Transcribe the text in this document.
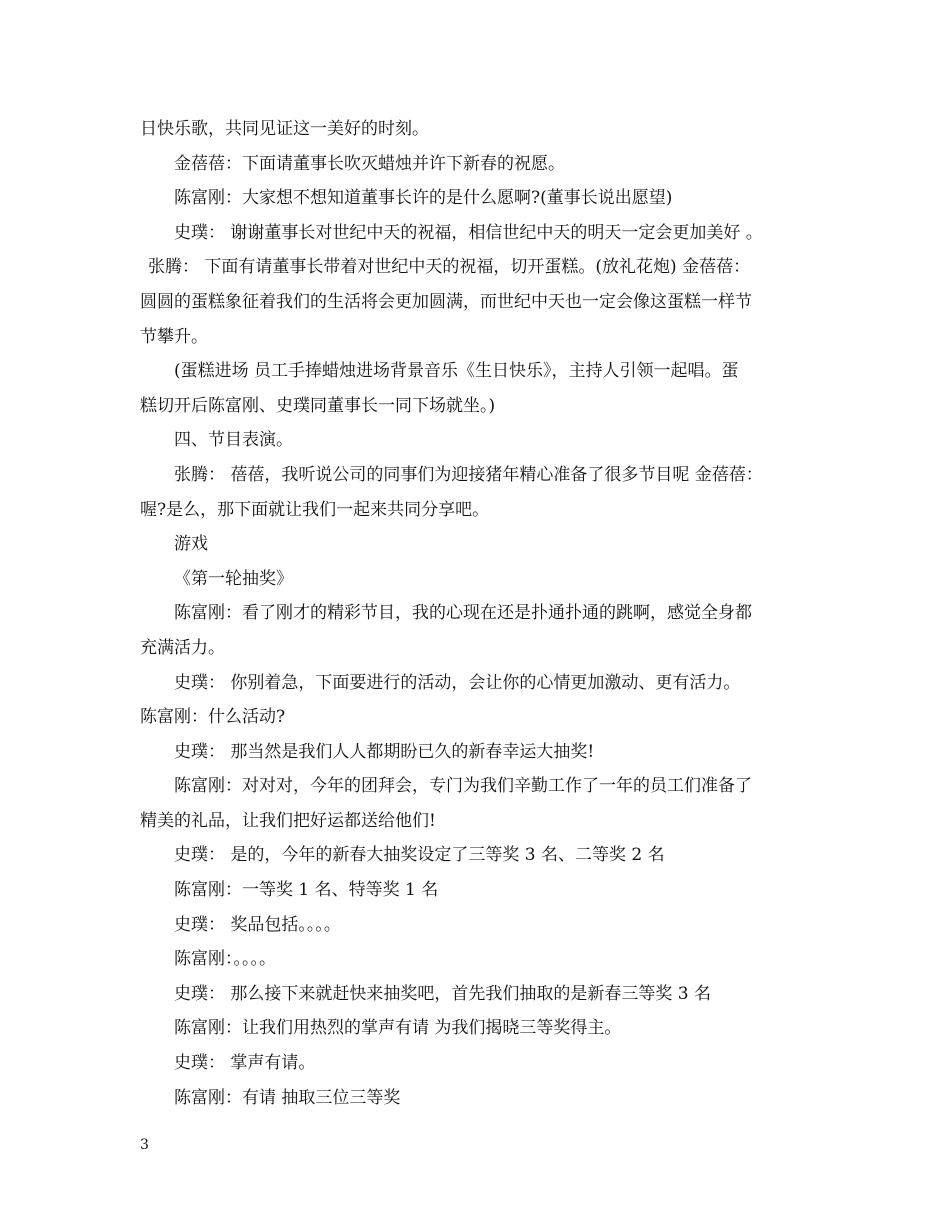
日快乐歌，共同见证这一美好的时刻。
金蓓蓓：下面请董事长吹灭蜡烛并许下新春的祝愿。
陈富刚：大家想不想知道董事长许的是什么愿啊?(董事长说出愿望)
史璞： 谢谢董事长对世纪中天的祝福，相信世纪中天的明天一定会更加美好 。
张腾： 下面有请董事长带着对世纪中天的祝福，切开蛋糕。(放礼花炮) 金蓓蓓：
圆圆的蛋糕象征着我们的生活将会更加圆满，而世纪中天也一定会像这蛋糕一样节
节攀升。
(蛋糕进场 员工手捧蜡烛进场背景音乐《生日快乐》，主持人引领一起唱。蛋
糕切开后陈富刚、史璞同董事长一同下场就坐。)
四、节目表演。
张腾： 蓓蓓，我听说公司的同事们为迎接猪年精心准备了很多节目呢 金蓓蓓：
喔?是么，那下面就让我们一起来共同分享吧。
游戏
《第一轮抽奖》
陈富刚：看了刚才的精彩节目，我的心现在还是扑通扑通的跳啊，感觉全身都
充满活力。
史璞： 你别着急，下面要进行的活动，会让你的心情更加激动、更有活力。
陈富刚：什么活动?
史璞： 那当然是我们人人都期盼已久的新春幸运大抽奖!
陈富刚：对对对，今年的团拜会，专门为我们辛勤工作了一年的员工们准备了
精美的礼品，让我们把好运都送给他们!
史璞： 是的，今年的新春大抽奖设定了三等奖 3 名、二等奖 2 名
陈富刚：一等奖 1 名、特等奖 1 名
史璞： 奖品包括。。。。
陈富刚：。。。。
史璞： 那么接下来就赶快来抽奖吧，首先我们抽取的是新春三等奖 3 名
陈富刚：让我们用热烈的掌声有请 为我们揭晓三等奖得主。
史璞： 掌声有请。
陈富刚：有请 抽取三位三等奖
3
